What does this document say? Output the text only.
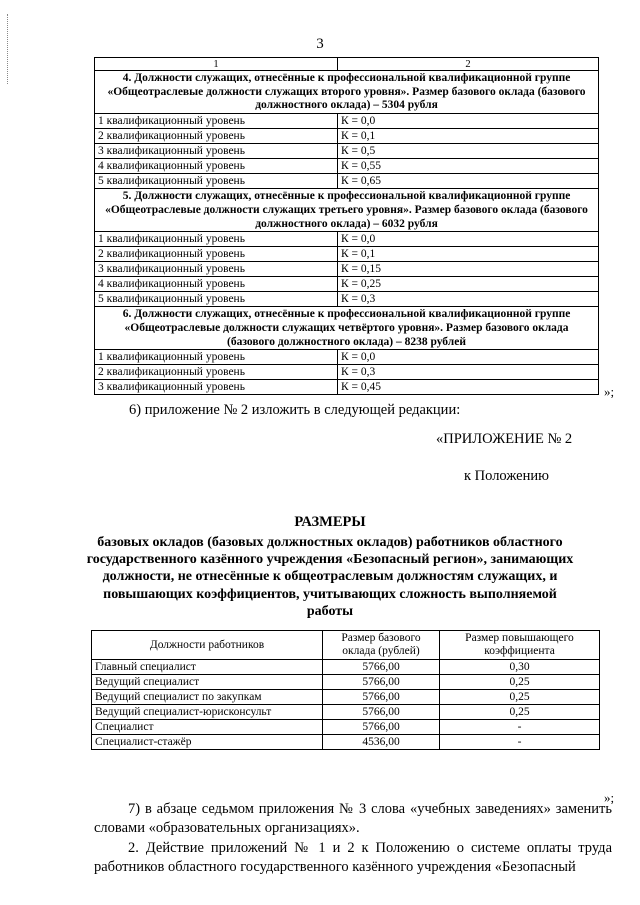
3
1	2
4. Должности служащих, отнесённые к профессиональной квалификационной группе «Общеотраслевые должности служащих второго уровня». Размер базового оклада (базового должностного оклада) – 5304 рубля	
1 квалификационный уровень	К = 0,0
2 квалификационный уровень	К = 0,1
3 квалификационный уровень	К = 0,5
4 квалификационный уровень	К = 0,55
5 квалификационный уровень	К = 0,65
5. Должности служащих, отнесённые к профессиональной квалификационной группе «Общеотраслевые должности служащих третьего уровня». Размер базового оклада (базового должностного оклада) – 6032 рубля	
1 квалификационный уровень	К = 0,0
2 квалификационный уровень	К = 0,1
3 квалификационный уровень	К = 0,15
4 квалификационный уровень	К = 0,25
5 квалификационный уровень	К = 0,3
6. Должности служащих, отнесённые к профессиональной квалификационной группе «Общеотраслевые должности служащих четвёртого уровня». Размер базового оклада (базового должностного оклада) – 8238 рублей	
1 квалификационный уровень	К = 0,0
2 квалификационный уровень	К = 0,3
3 квалификационный уровень	К = 0,45	»;
6) приложение № 2 изложить в следующей редакции:
«ПРИЛОЖЕНИЕ № 2
к Положению
РАЗМЕРЫ
базовых окладов (базовых должностных окладов) работников областного государственного казённого учреждения «Безопасный регион», занимающих должности, не отнесённые к общеотраслевым должностям служащих, и повышающих коэффициентов, учитывающих сложность выполняемой работы
Должности работников	Размер базового оклада (рублей)	Размер повышающего коэффициента
Главный специалист	5766,00	0,30
Ведущий специалист	5766,00	0,25
Ведущий специалист по закупкам	5766,00	0,25
Ведущий специалист-юрисконсульт	5766,00	0,25
Специалист	5766,00	-
Специалист-стажёр	4536,00	-
»;
7) в абзаце седьмом приложения № 3 слова «учебных заведениях» заменить словами «образовательных организациях».
2. Действие приложений № 1 и 2 к Положению о системе оплаты труда работников областного государственного казённого учреждения «Безопасный
